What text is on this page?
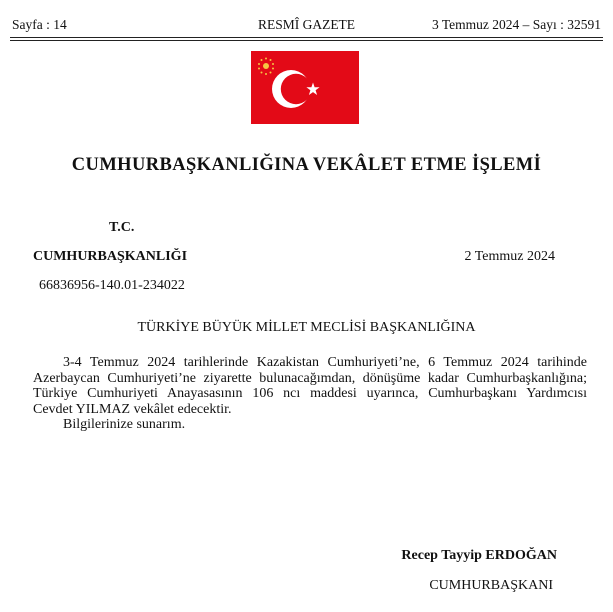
Sayfa : 14	RESMÎ GAZETE	3 Temmuz 2024 – Sayı : 32591
CUMHURBAŞKANLIĞINA VEKÂLET ETME İŞLEMİ
T.C.
CUMHURBAŞKANLIĞI	2 Temmuz 2024
66836956-140.01-234022
TÜRKİYE BÜYÜK MİLLET MECLİSİ BAŞKANLIĞINA
3-4 Temmuz 2024 tarihlerinde Kazakistan Cumhuriyeti’ne, 6 Temmuz 2024 tarihinde
Azerbaycan Cumhuriyeti’ne ziyarette bulunacağımdan, dönüşüme kadar Cumhurbaşkanlığına;
Türkiye Cumhuriyeti Anayasasının 106 ncı maddesi uyarınca, Cumhurbaşkanı Yardımcısı
Cevdet YILMAZ vekâlet edecektir.
Bilgilerinize sunarım.
Recep Tayyip ERDOĞAN
CUMHURBAŞKANI
